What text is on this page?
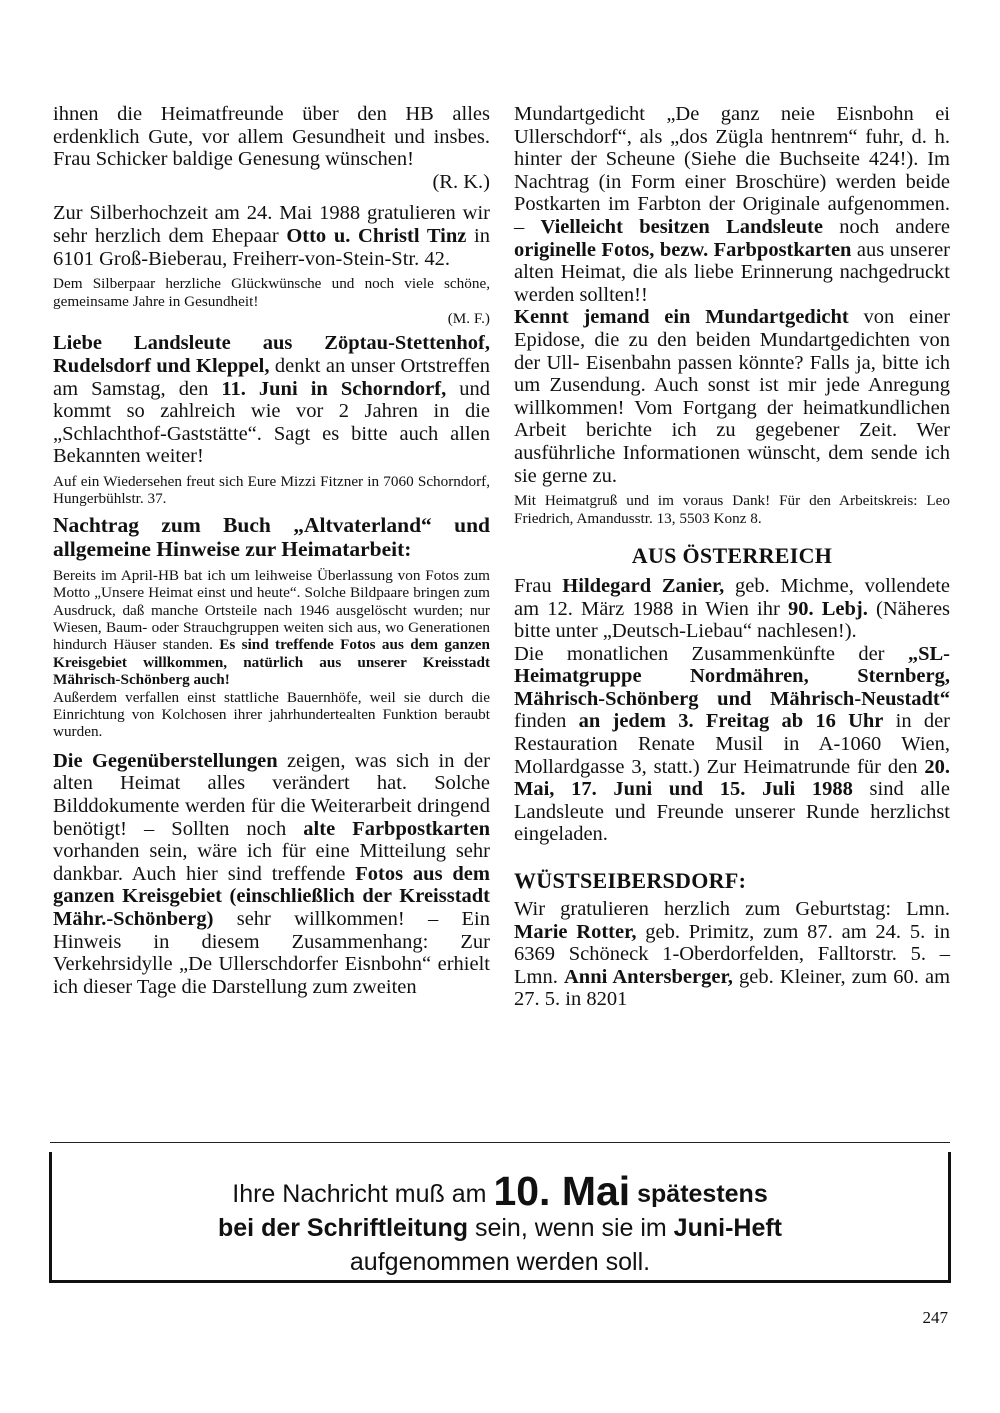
ihnen die Heimatfreunde über den HB alles erdenklich Gute, vor allem Gesundheit und insbes. Frau Schicker baldige Genesung wünschen!

(R. K.)

Zur Silberhochzeit am 24. Mai 1988 gratulieren wir sehr herzlich dem Ehepaar Otto u. Christl Tinz in 6101 Groß-Bieberau, Freiherr-von-Stein-Str. 42.

Dem Silberpaar herzliche Glückwünsche und noch viele schöne, gemeinsame Jahre in Gesundheit!

(M. F.)

Liebe Landsleute aus Zöptau-Stettenhof, Rudelsdorf und Kleppel, denkt an unser Ortstreffen am Samstag, den 11. Juni in Schorndorf, und kommt so zahlreich wie vor 2 Jahren in die „Schlachthof-Gaststätte“. Sagt es bitte auch allen Bekannten weiter!

Auf ein Wiedersehen freut sich Eure Mizzi Fitzner in 7060 Schorndorf, Hungerbühlstr. 37.

Nachtrag zum Buch „Altvaterland“ und allgemeine Hinweise zur Heimatarbeit:

Bereits im April-HB bat ich um leihweise Überlassung von Fotos zum Motto „Unsere Heimat einst und heute“. Solche Bildpaare bringen zum Ausdruck, daß manche Ortsteile nach 1946 ausgelöscht wurden; nur Wiesen, Baum- oder Strauchgruppen weiten sich aus, wo Generationen hindurch Häuser standen. Es sind treffende Fotos aus dem ganzen Kreisgebiet willkommen, natürlich aus unserer Kreisstadt Mährisch-Schönberg auch!

Außerdem verfallen einst stattliche Bauernhöfe, weil sie durch die Einrichtung von Kolchosen ihrer jahrhundertealten Funktion beraubt wurden.

Die Gegenüberstellungen zeigen, was sich in der alten Heimat alles verändert hat. Solche Bilddokumente werden für die Weiterarbeit dringend benötigt! – Sollten noch alte Farbpostkarten vorhanden sein, wäre ich für eine Mitteilung sehr dankbar. Auch hier sind treffende Fotos aus dem ganzen Kreisgebiet (einschließlich der Kreisstadt Mähr.-Schönberg) sehr willkommen! – Ein Hinweis in diesem Zusammenhang: Zur Verkehrsidylle „De Ullerschdorfer Eisnbohn“ erhielt ich dieser Tage die Darstellung zum zweiten

Mundartgedicht „De ganz neie Eisnbohn ei Ullerschdorf“, als „dos Zügla hentnrem“ fuhr, d. h. hinter der Scheune (Siehe die Buchseite 424!). Im Nachtrag (in Form einer Broschüre) werden beide Postkarten im Farbton der Originale aufgenommen. – Vielleicht besitzen Landsleute noch andere originelle Fotos, bezw. Farbpostkarten aus unserer alten Heimat, die als liebe Erinnerung nachgedruckt werden sollten!!

Kennt jemand ein Mundartgedicht von einer Epidose, die zu den beiden Mundartgedichten von der Ull- Eisenbahn passen könnte? Falls ja, bitte ich um Zusendung. Auch sonst ist mir jede Anregung willkommen! Vom Fortgang der heimatkundlichen Arbeit berichte ich zu gegebener Zeit. Wer ausführliche Informationen wünscht, dem sende ich sie gerne zu.

Mit Heimatgruß und im voraus Dank! Für den Arbeitskreis: Leo Friedrich, Amandusstr. 13, 5503 Konz 8.

AUS ÖSTERREICH

Frau Hildegard Zanier, geb. Michme, vollendete am 12. März 1988 in Wien ihr 90. Lebj. (Näheres bitte unter „Deutsch-Liebau“ nachlesen!).

Die monatlichen Zusammenkünfte der „SL-Heimatgruppe Nordmähren, Sternberg, Mährisch-Schönberg und Mährisch-Neustadt“ finden an jedem 3. Freitag ab 16 Uhr in der Restauration Renate Musil in A-1060 Wien, Mollardgasse 3, statt.) Zur Heimatrunde für den 20. Mai, 17. Juni und 15. Juli 1988 sind alle Landsleute und Freunde unserer Runde herzlichst eingeladen.

WÜSTSEIBERSDORF:

Wir gratulieren herzlich zum Geburtstag: Lmn. Marie Rotter, geb. Primitz, zum 87. am 24. 5. in 6369 Schöneck 1-Oberdorfelden, Falltorstr. 5. – Lmn. Anni Antersberger, geb. Kleiner, zum 60. am 27. 5. in 8201

Ihre Nachricht muß am 10. Mai spätestens
bei der Schriftleitung sein, wenn sie im Juni-Heft
aufgenommen werden soll.
247
